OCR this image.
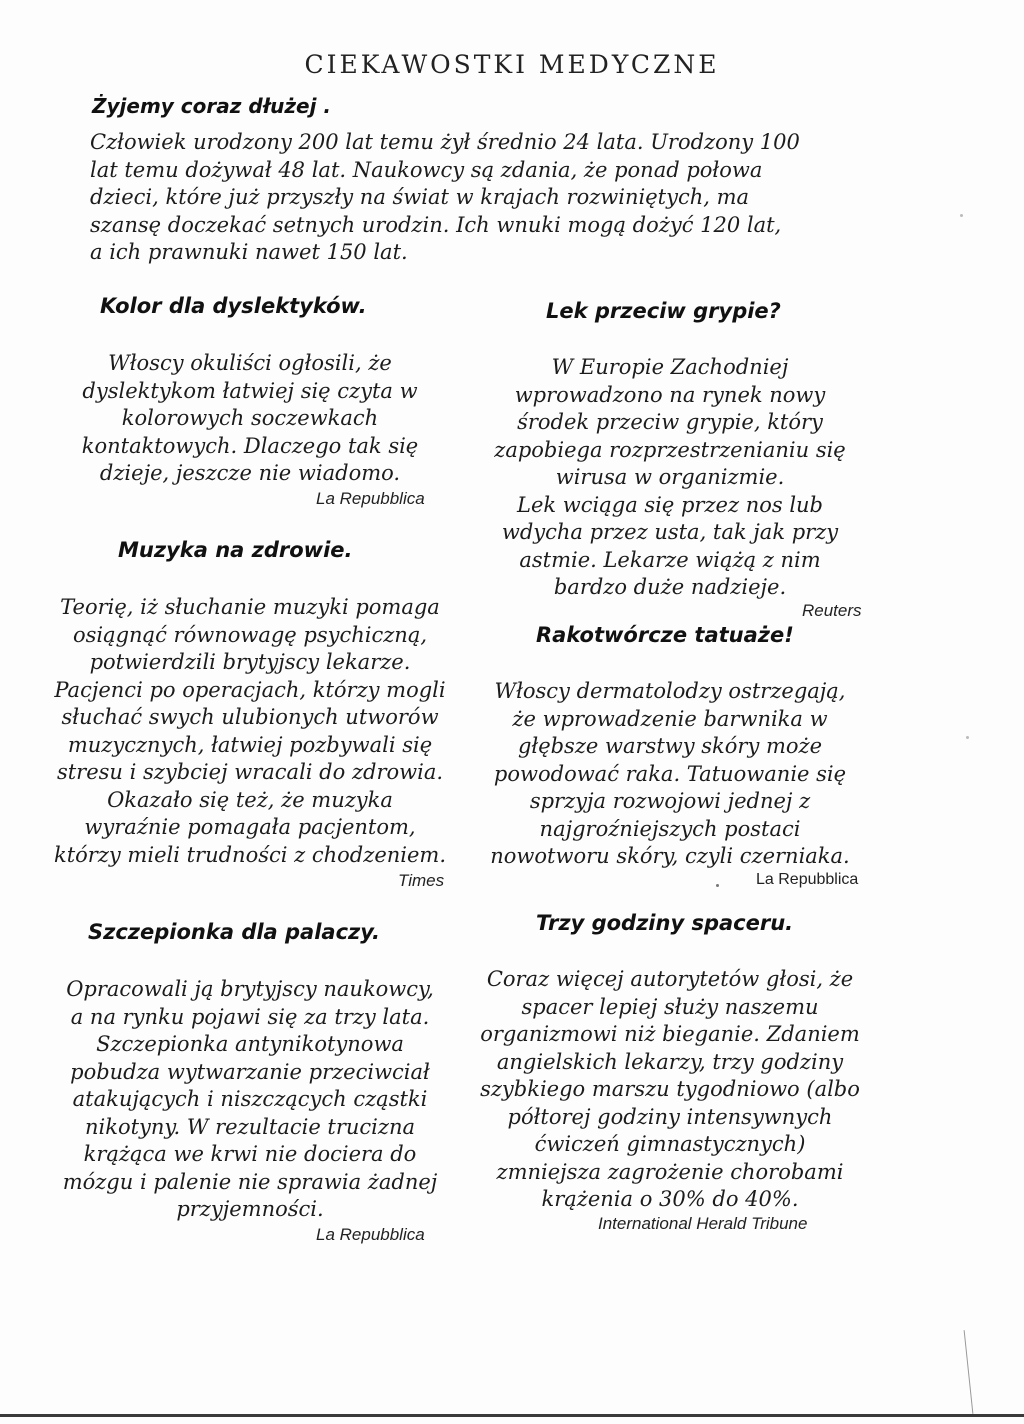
CIEKAWOSTKI MEDYCZNE
Żyjemy coraz dłużej .
Człowiek urodzony 200 lat temu żył średnio 24 lata. Urodzony 100
lat temu dożywał 48 lat. Naukowcy są zdania, że ponad połowa
dzieci, które już przyszły na świat w krajach rozwiniętych, ma
szansę doczekać setnych urodzin. Ich wnuki mogą dożyć 120 lat,
a ich prawnuki nawet 150 lat.
Kolor dla dyslektyków.
Włoscy okuliści ogłosili, że
dyslektykom łatwiej się czyta w
kolorowych soczewkach
kontaktowych. Dlaczego tak się
dzieje, jeszcze nie wiadomo.
La Repubblica
Muzyka na zdrowie.
Teorię, iż słuchanie muzyki pomaga
osiągnąć równowagę psychiczną,
potwierdzili brytyjscy lekarze.
Pacjenci po operacjach, którzy mogli
słuchać swych ulubionych utworów
muzycznych, łatwiej pozbywali się
stresu i szybciej wracali do zdrowia.
Okazało się też, że muzyka
wyraźnie pomagała pacjentom,
którzy mieli trudności z chodzeniem.
Times
Szczepionka dla palaczy.
Opracowali ją brytyjscy naukowcy,
a na rynku pojawi się za trzy lata.
Szczepionka antynikotynowa
pobudza wytwarzanie przeciwciał
atakujących i niszczących cząstki
nikotyny. W rezultacie trucizna
krążąca we krwi nie dociera do
mózgu i palenie nie sprawia żadnej
przyjemności.
La Repubblica
Lek przeciw grypie?
W Europie Zachodniej
wprowadzono na rynek nowy
środek przeciw grypie, który
zapobiega rozprzestrzenianiu się
wirusa w organizmie.
Lek wciąga się przez nos lub
wdycha przez usta, tak jak przy
astmie. Lekarze wiążą z nim
bardzo duże nadzieje.
Reuters
Rakotwórcze tatuaże!
Włoscy dermatolodzy ostrzegają,
że wprowadzenie barwnika w
głębsze warstwy skóry może
powodować raka. Tatuowanie się
sprzyja rozwojowi jednej z
najgroźniejszych postaci
nowotworu skóry, czyli czerniaka.
La Repubblica
Trzy godziny spaceru.
Coraz więcej autorytetów głosi, że
spacer lepiej służy naszemu
organizmowi niż bieganie. Zdaniem
angielskich lekarzy, trzy godziny
szybkiego marszu tygodniowo (albo
półtorej godziny intensywnych
ćwiczeń gimnastycznych)
zmniejsza zagrożenie chorobami
krążenia o 30% do 40%.
International Herald Tribune
